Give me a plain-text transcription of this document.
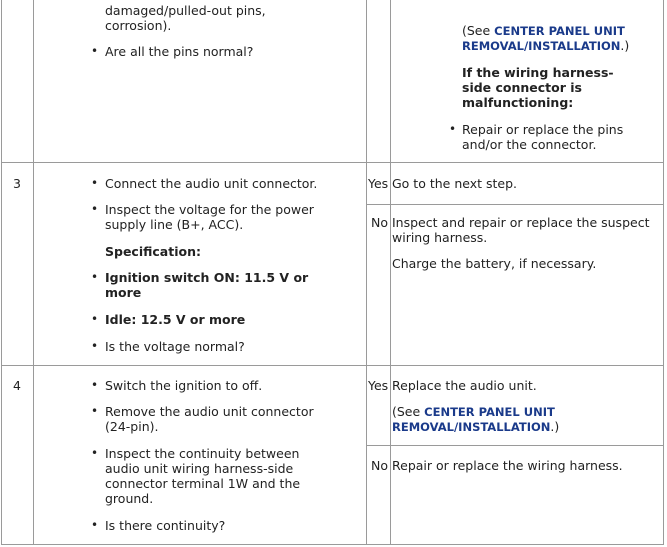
damaged/pulled-out pins,
corrosion).
• Are all the pins normal?
(See CENTER PANEL UNIT
REMOVAL/INSTALLATION.)
If the wiring harness-
side connector is
malfunctioning:
• Repair or replace the pins
and/or the connector.
3	• Connect the audio unit connector.
• Inspect the voltage for the power
supply line (B+, ACC).
Specification:
• Ignition switch ON: 11.5 V or
more
• Idle: 12.5 V or more
• Is the voltage normal?
Yes Go to the next step.
No Inspect and repair or replace the suspect
wiring harness.
Charge the battery, if necessary.
4	• Switch the ignition to off.
• Remove the audio unit connector
(24-pin).
• Inspect the continuity between
audio unit wiring harness-side
connector terminal 1W and the
ground.
• Is there continuity?
Yes Replace the audio unit.
(See CENTER PANEL UNIT
REMOVAL/INSTALLATION.)
No Repair or replace the wiring harness.
